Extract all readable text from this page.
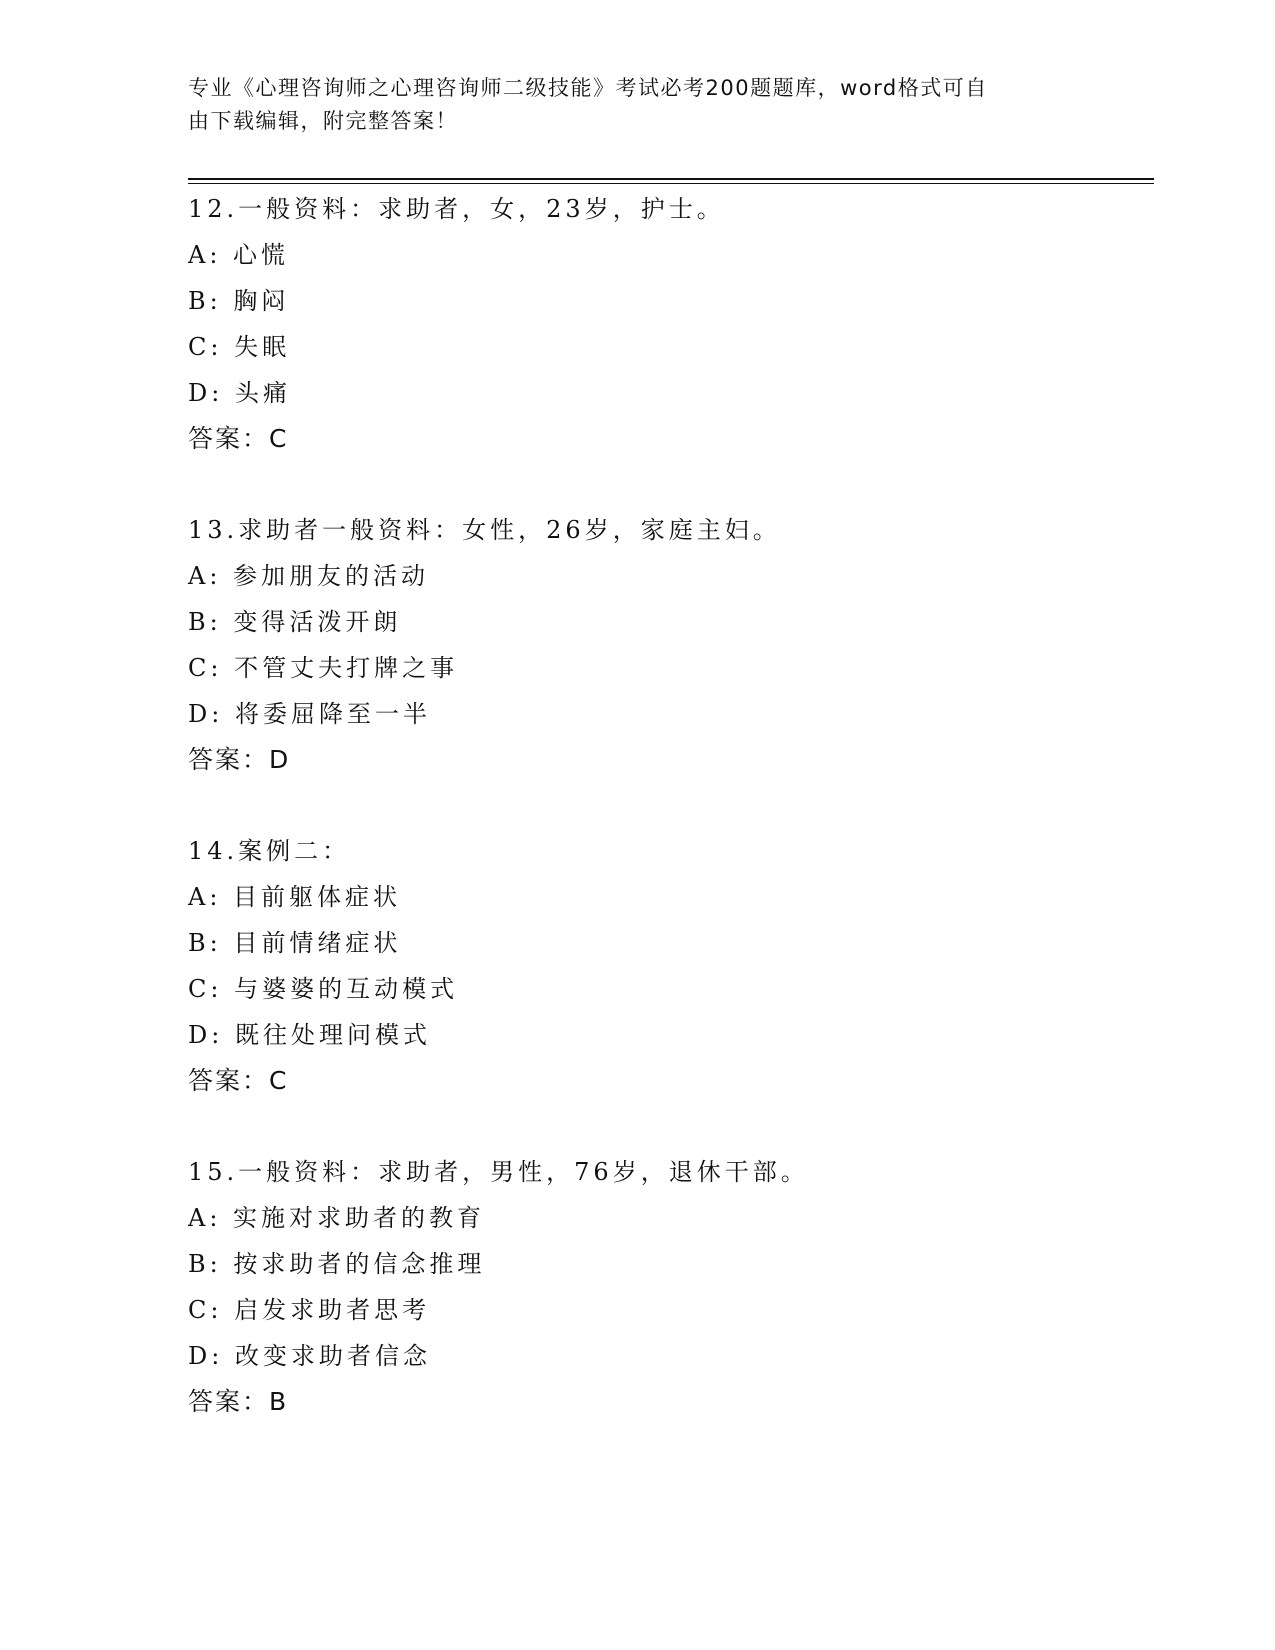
专业《心理咨询师之心理咨询师二级技能》考试必考200题题库，word格式可自
由下载编辑，附完整答案！
12.一般资料：求助者，女，23岁，护士。
A: 心慌
B: 胸闷
C: 失眠
D: 头痛
答案：C
13.求助者一般资料：女性，26岁，家庭主妇。
A: 参加朋友的活动
B: 变得活泼开朗
C: 不管丈夫打牌之事
D: 将委屈降至一半
答案：D
14.案例二：
A: 目前躯体症状
B: 目前情绪症状
C: 与婆婆的互动模式
D: 既往处理问模式
答案：C
15.一般资料：求助者，男性，76岁，退休干部。
A: 实施对求助者的教育
B: 按求助者的信念推理
C: 启发求助者思考
D: 改变求助者信念
答案：B
